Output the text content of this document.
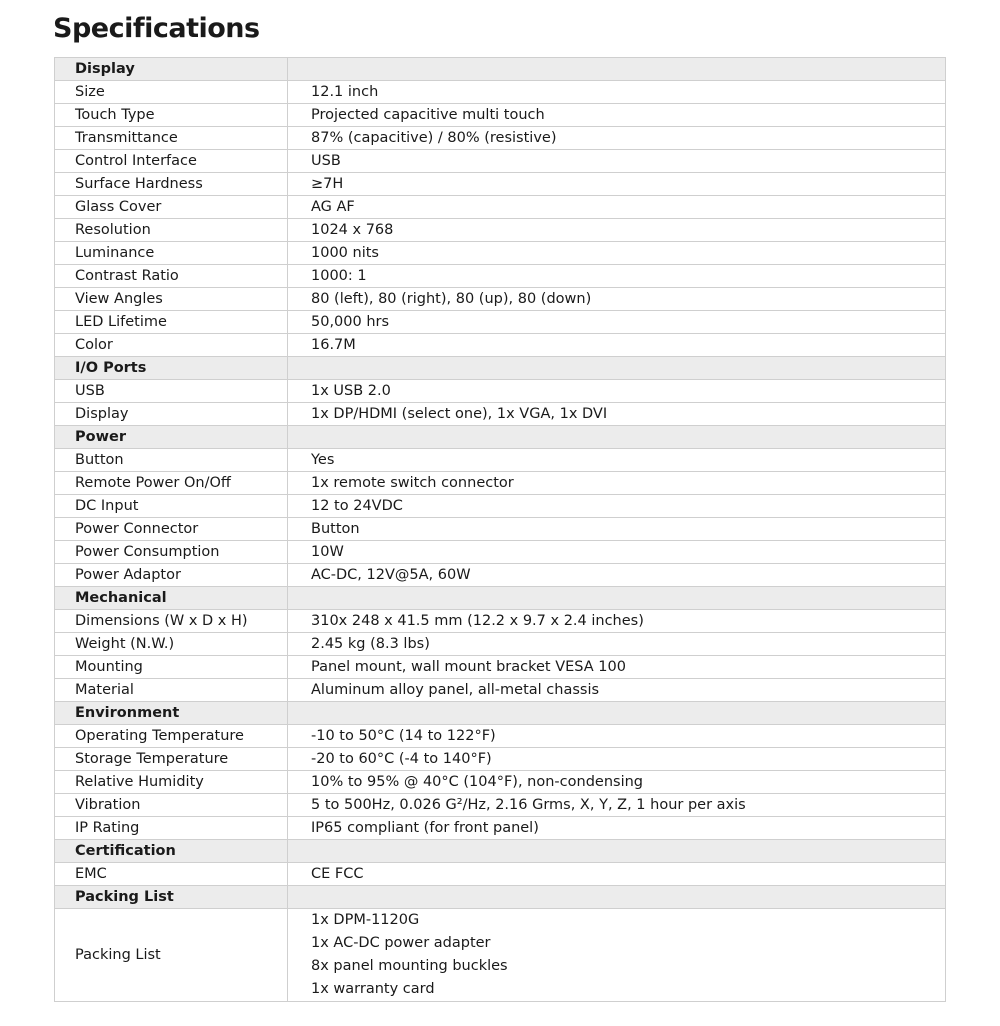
Specifications
Display	
Size	12.1 inch
Touch Type	Projected capacitive multi touch
Transmittance	87% (capacitive) / 80% (resistive)
Control Interface	USB
Surface Hardness	≥7H
Glass Cover	AG AF
Resolution	1024 x 768
Luminance	1000 nits
Contrast Ratio	1000: 1
View Angles	80 (left), 80 (right), 80 (up), 80 (down)
LED Lifetime	50,000 hrs
Color	16.7M
I/O Ports	
USB	1x USB 2.0
Display	1x DP/HDMI (select one), 1x VGA, 1x DVI
Power	
Button	Yes
Remote Power On/Off	1x remote switch connector
DC Input	12 to 24VDC
Power Connector	Button
Power Consumption	10W
Power Adaptor	AC-DC, 12V@5A, 60W
Mechanical	
Dimensions (W x D x H)	310x 248 x 41.5 mm (12.2 x 9.7 x 2.4 inches)
Weight (N.W.)	2.45 kg (8.3 lbs)
Mounting	Panel mount, wall mount bracket VESA 100
Material	Aluminum alloy panel, all-metal chassis
Environment	
Operating Temperature	-10 to 50°C (14 to 122°F)
Storage Temperature	-20 to 60°C (-4 to 140°F)
Relative Humidity	10% to 95% @ 40°C (104°F), non-condensing
Vibration	5 to 500Hz, 0.026 G²/Hz, 2.16 Grms, X, Y, Z, 1 hour per axis
IP Rating	IP65 compliant (for front panel)
Certification	
EMC	CE FCC
Packing List	
Packing List	1x DPM-1120G
1x AC-DC power adapter
8x panel mounting buckles
1x warranty card
